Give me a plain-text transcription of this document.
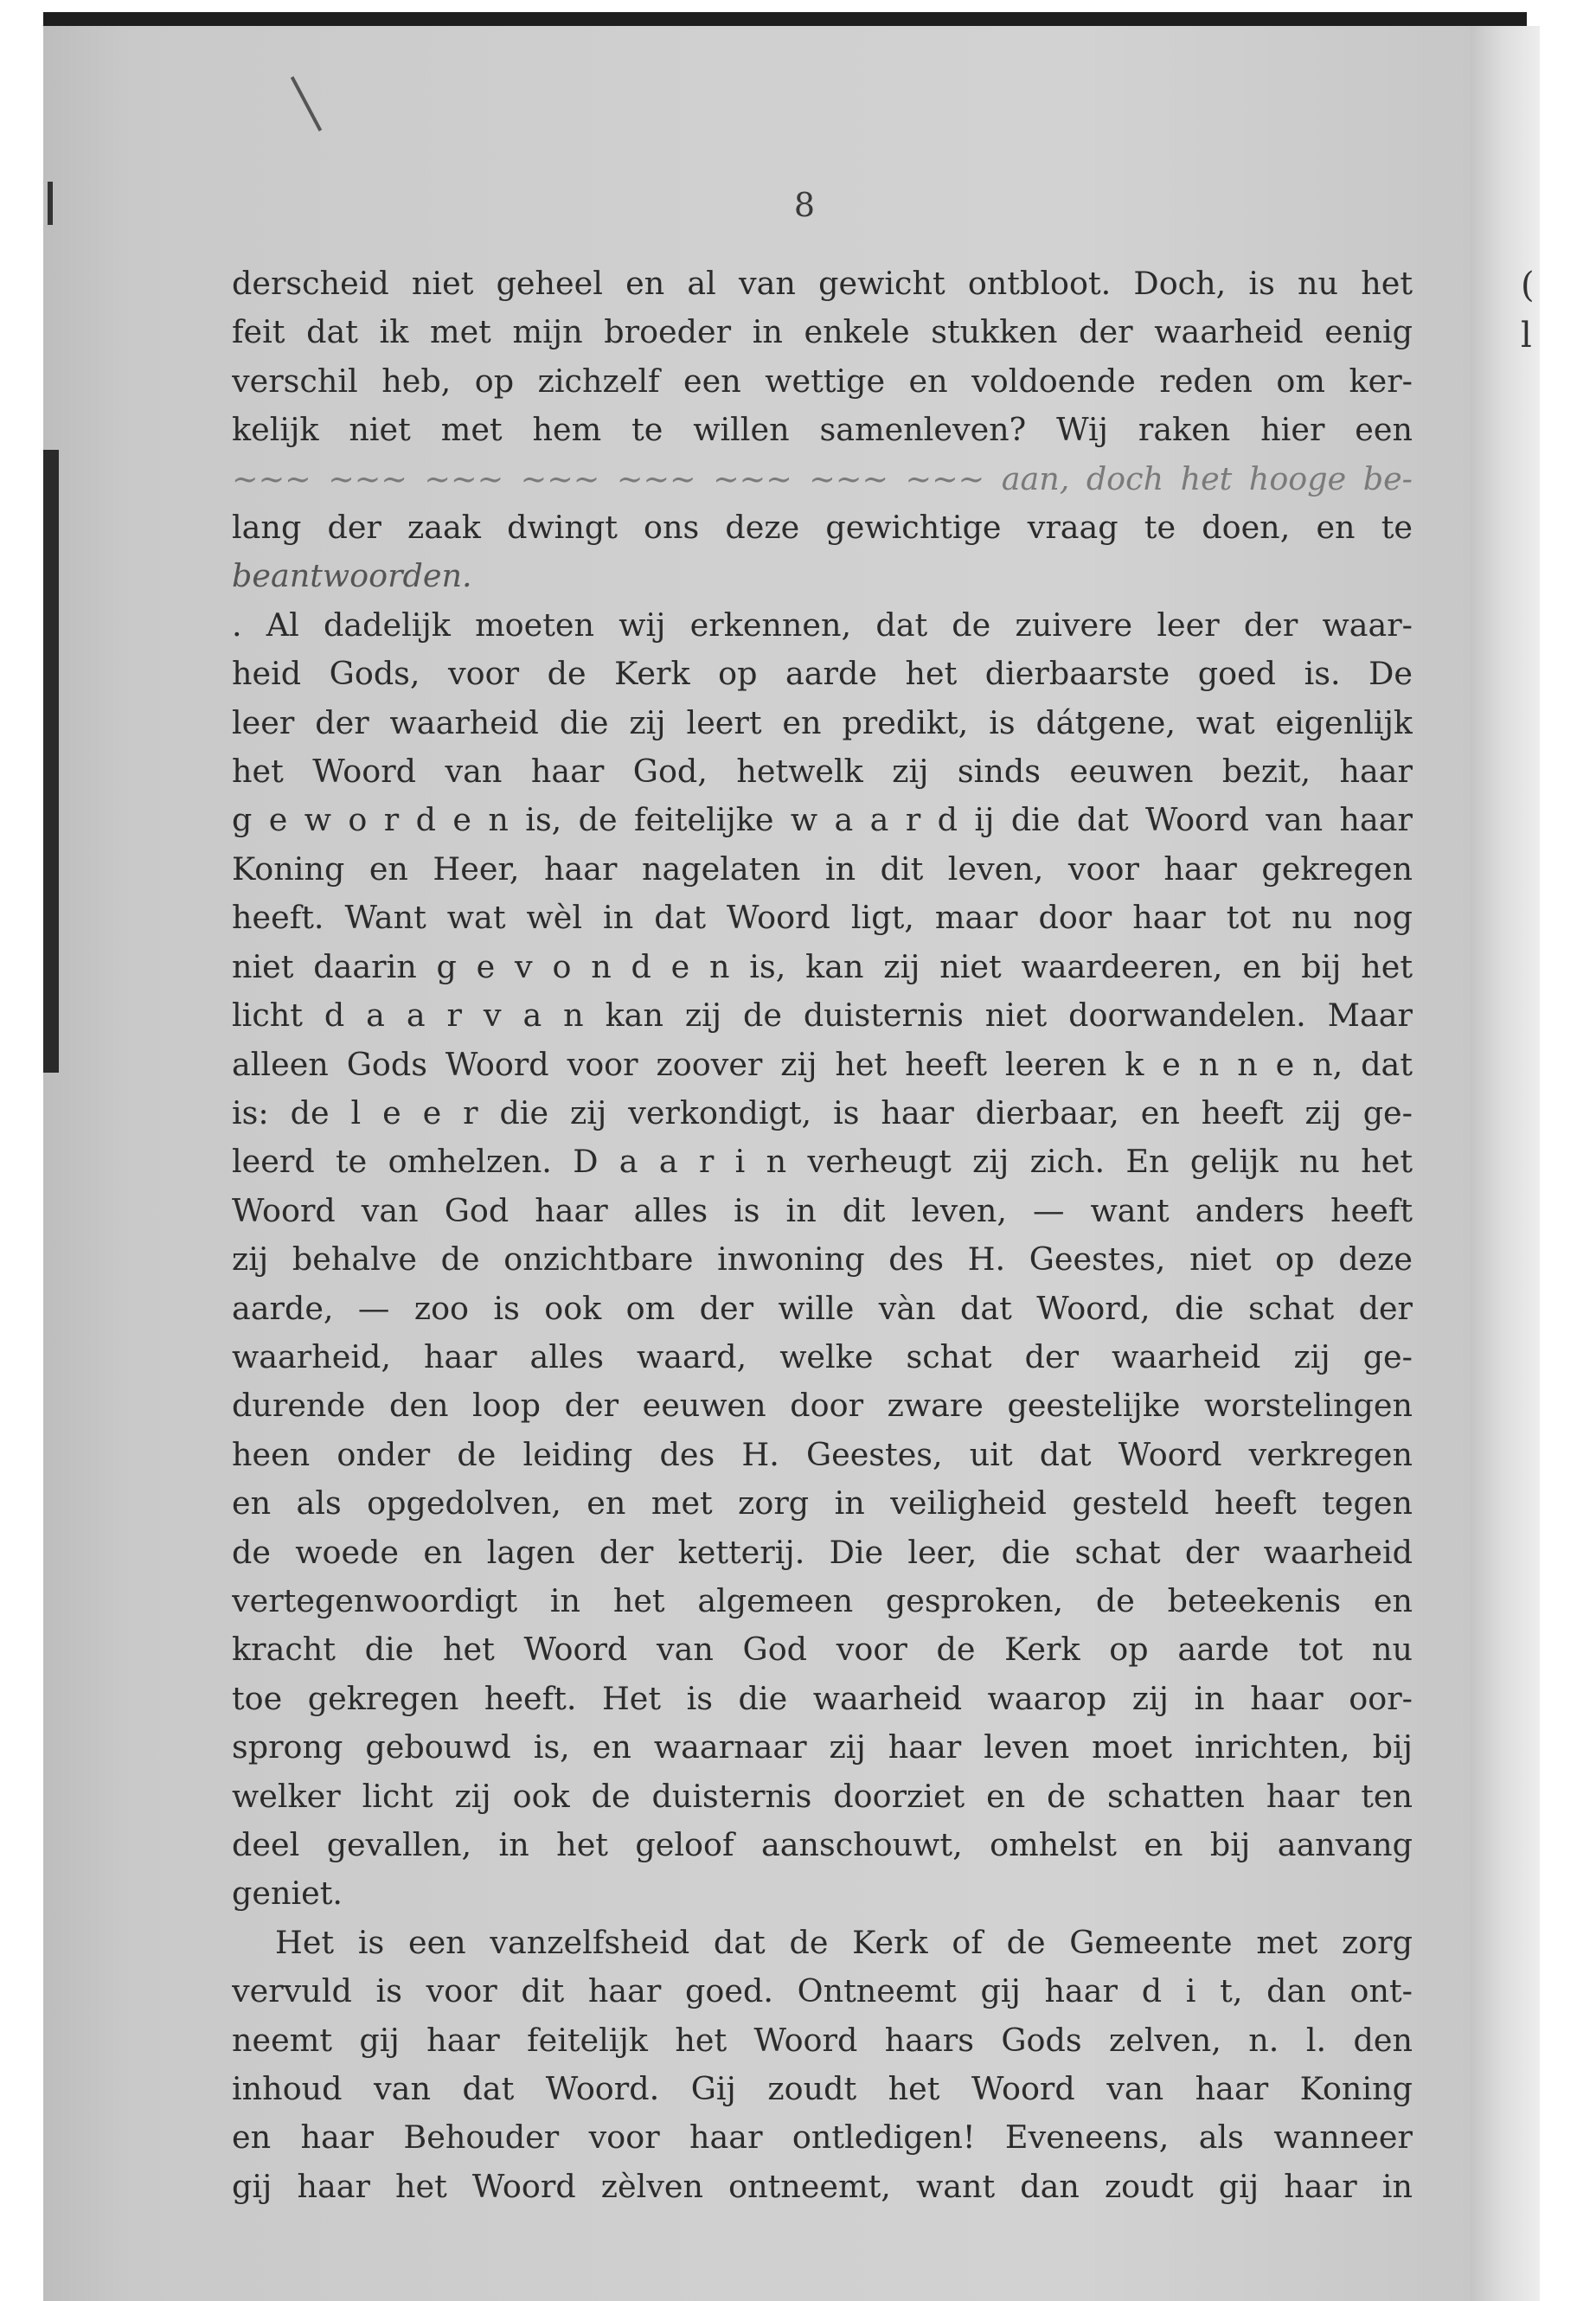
(
l
8
derscheid niet geheel en al van gewicht ontbloot. Doch, is nu het
feit dat ik met mijn broeder in enkele stukken der waarheid eenig
verschil heb, op zichzelf een wettige en voldoende reden om ker-
kelijk niet met hem te willen samenleven? Wij raken hier een
~~~ ~~~ ~~~ ~~~ ~~~ ~~~ ~~~ ~~~ aan, doch het hooge be-
lang der zaak dwingt ons deze gewichtige vraag te doen, en te
beantwoorden.
. Al dadelijk moeten wij erkennen, dat de zuivere leer der waar-
heid Gods, voor de Kerk op aarde het dierbaarste goed is. De
leer der waarheid die zij leert en predikt, is dátgene, wat eigenlijk
het Woord van haar God, hetwelk zij sinds eeuwen bezit, haar
g e w o r d e n is, de feitelijke w a a r d ij die dat Woord van haar
Koning en Heer, haar nagelaten in dit leven, voor haar gekregen
heeft. Want wat wèl in dat Woord ligt, maar door haar tot nu nog
niet daarin g e v o n d e n is, kan zij niet waardeeren, en bij het
licht d a a r v a n kan zij de duisternis niet doorwandelen. Maar
alleen Gods Woord voor zoover zij het heeft leeren k e n n e n, dat
is: de l e e r die zij verkondigt, is haar dierbaar, en heeft zij ge-
leerd te omhelzen. D a a r i n verheugt zij zich. En gelijk nu het
Woord van God haar alles is in dit leven, — want anders heeft
zij behalve de onzichtbare inwoning des H. Geestes, niet op deze
aarde, — zoo is ook om der wille vàn dat Woord, die schat der
waarheid, haar alles waard, welke schat der waarheid zij ge-
durende den loop der eeuwen door zware geestelijke worstelingen
heen onder de leiding des H. Geestes, uit dat Woord verkregen
en als opgedolven, en met zorg in veiligheid gesteld heeft tegen
de woede en lagen der ketterij. Die leer, die schat der waarheid
vertegenwoordigt in het algemeen gesproken, de beteekenis en
kracht die het Woord van God voor de Kerk op aarde tot nu
toe gekregen heeft. Het is die waarheid waarop zij in haar oor-
sprong gebouwd is, en waarnaar zij haar leven moet inrichten, bij
welker licht zij ook de duisternis doorziet en de schatten haar ten
deel gevallen, in het geloof aanschouwt, omhelst en bij aanvang
geniet.
Het is een vanzelfsheid dat de Kerk of de Gemeente met zorg
vervuld is voor dit haar goed. Ontneemt gij haar d i t, dan ont-
neemt gij haar feitelijk het Woord haars Gods zelven, n. l. den
inhoud van dat Woord. Gij zoudt het Woord van haar Koning
en haar Behouder voor haar ontledigen! Eveneens, als wanneer
gij haar het Woord zèlven ontneemt, want dan zoudt gij haar in
